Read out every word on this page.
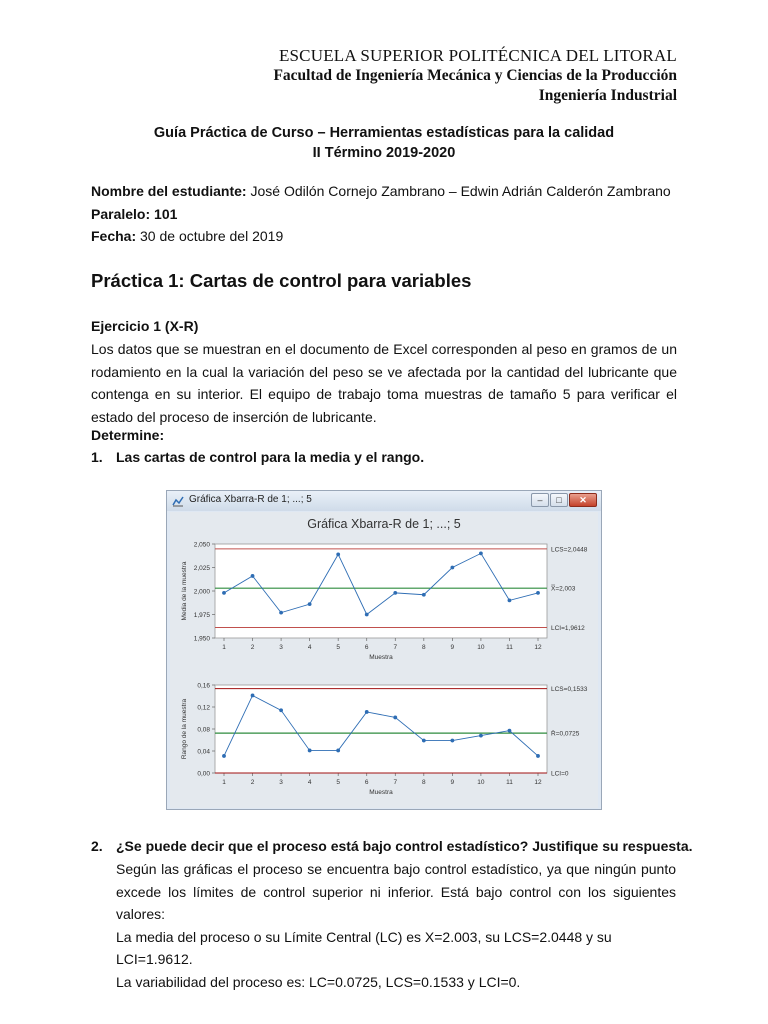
ESCUELA SUPERIOR POLITÉCNICA DEL LITORAL
Facultad de Ingeniería Mecánica y Ciencias de la Producción
Ingeniería Industrial
Guía Práctica de Curso – Herramientas estadísticas para la calidad
II Término 2019-2020
Nombre del estudiante: José Odilón Cornejo Zambrano – Edwin Adrián Calderón Zambrano
Paralelo: 101
Fecha: 30 de octubre del 2019
Práctica 1: Cartas de control para variables
Ejercicio 1 (X-R)
Los datos que se muestran en el documento de Excel corresponden al peso en gramos de un rodamiento en la cual la variación del peso se ve afectada por la cantidad del lubricante que contenga en su interior. El equipo de trabajo toma muestras de tamaño 5 para verificar el estado del proceso de inserción de lubricante.
Determine:
1. Las cartas de control para la media y el rango.
Gráfica Xbarra-R de 1; ...; 5	–	□	✕
Gráfica Xbarra-R de 1; ...; 5
1,950
1,975
2,000
2,025
2,050
1	2	3	4	5	6	7	8	9	10	11	12
LCS=2,0448
X̿=2,003
LCI=1,9612
Muestra
Media de la muestra
0,00
0,04
0,08
0,12
0,16
1	2	3	4	5	6	7	8	9	10	11	12
LCS=0,1533
R̄=0,0725
LCI=0
Muestra
Rango de la muestra
2. ¿Se puede decir que el proceso está bajo control estadístico? Justifique su respuesta.

Según las gráficas el proceso se encuentra bajo control estadístico, ya que ningún punto excede los límites de control superior ni inferior. Está bajo control con los siguientes valores:

La media del proceso o su Límite Central (LC) es X=2.003, su LCS=2.0448 y su LCI=1.9612.

La variabilidad del proceso es: LC=0.0725, LCS=0.1533 y LCI=0.
